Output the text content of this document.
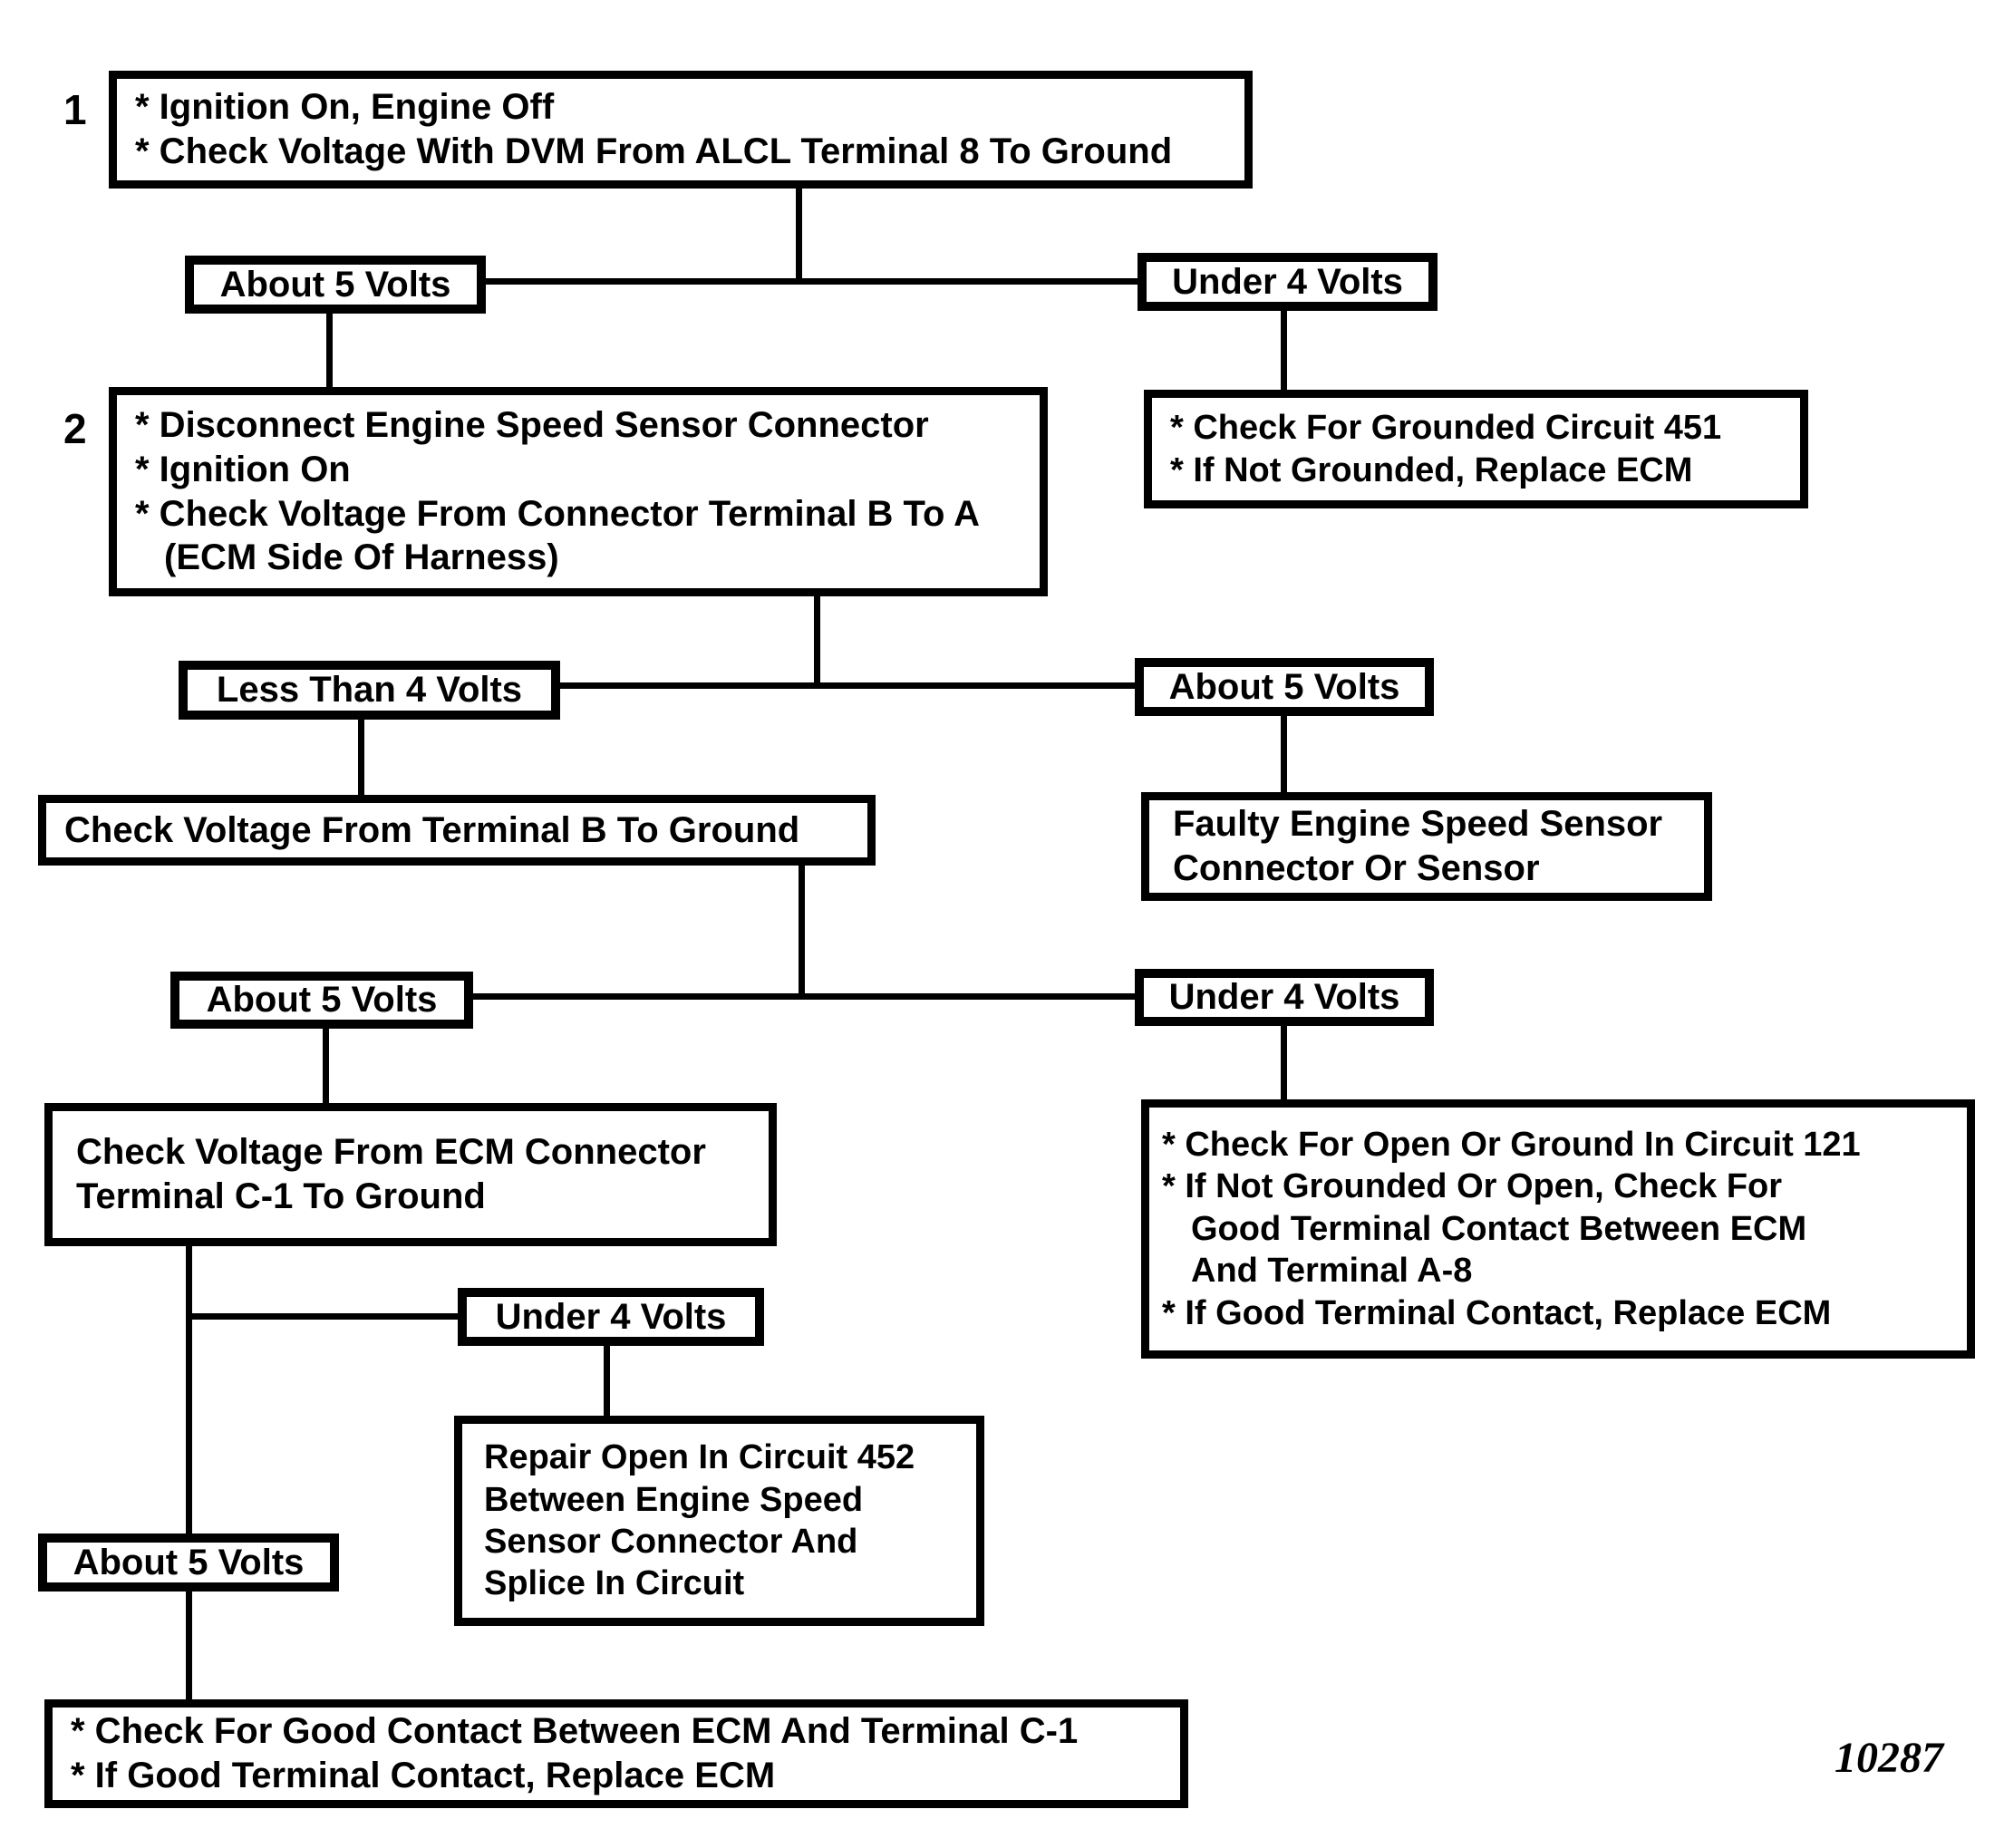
1
2
* Ignition On, Engine Off
* Check Voltage With DVM From ALCL Terminal 8 To Ground
About 5 Volts	Under 4 Volts
* Disconnect Engine Speed Sensor Connector
* Ignition On
* Check Voltage From Connector Terminal B To A
(ECM Side Of Harness)
* Check For Grounded Circuit 451
* If Not Grounded, Replace ECM
Less Than 4 Volts	About 5 Volts
Check Voltage From Terminal B To Ground	Faulty Engine Speed Sensor
Connector Or Sensor
About 5 Volts	Under 4 Volts
Check Voltage From ECM Connector
Terminal C-1 To Ground
* Check For Open Or Ground In Circuit 121
* If Not Grounded Or Open, Check For
Good Terminal Contact Between ECM
And Terminal A-8
* If Good Terminal Contact, Replace ECM
Under 4 Volts
Repair Open In Circuit 452
Between Engine Speed
Sensor Connector And
Splice In Circuit
About 5 Volts
* Check For Good Contact Between ECM And Terminal C-1
* If Good Terminal Contact, Replace ECM	10287
